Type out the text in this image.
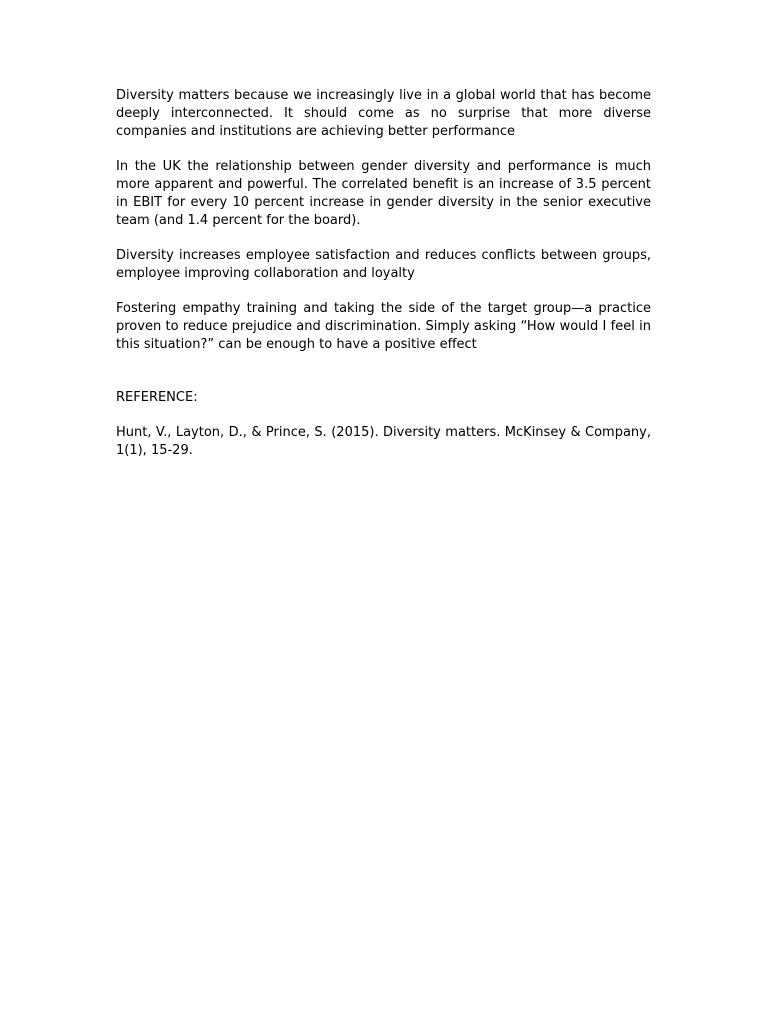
Diversity matters because we increasingly live in a global world that has become deeply interconnected. It should come as no surprise that more diverse companies and institutions are achieving better performance

In the UK the relationship between gender diversity and performance is much more apparent and powerful. The correlated benefit is an increase of 3.5 percent in EBIT for every 10 percent increase in gender diversity in the senior executive team (and 1.4 percent for the board).

Diversity increases employee satisfaction and reduces conflicts between groups, employee improving collaboration and loyalty

Fostering empathy training and taking the side of the target group—a practice proven to reduce prejudice and discrimination. Simply asking “How would I feel in this situation?” can be enough to have a positive effect

REFERENCE:

Hunt, V., Layton, D., & Prince, S. (2015). Diversity matters. McKinsey & Company, 1(1), 15-29.
